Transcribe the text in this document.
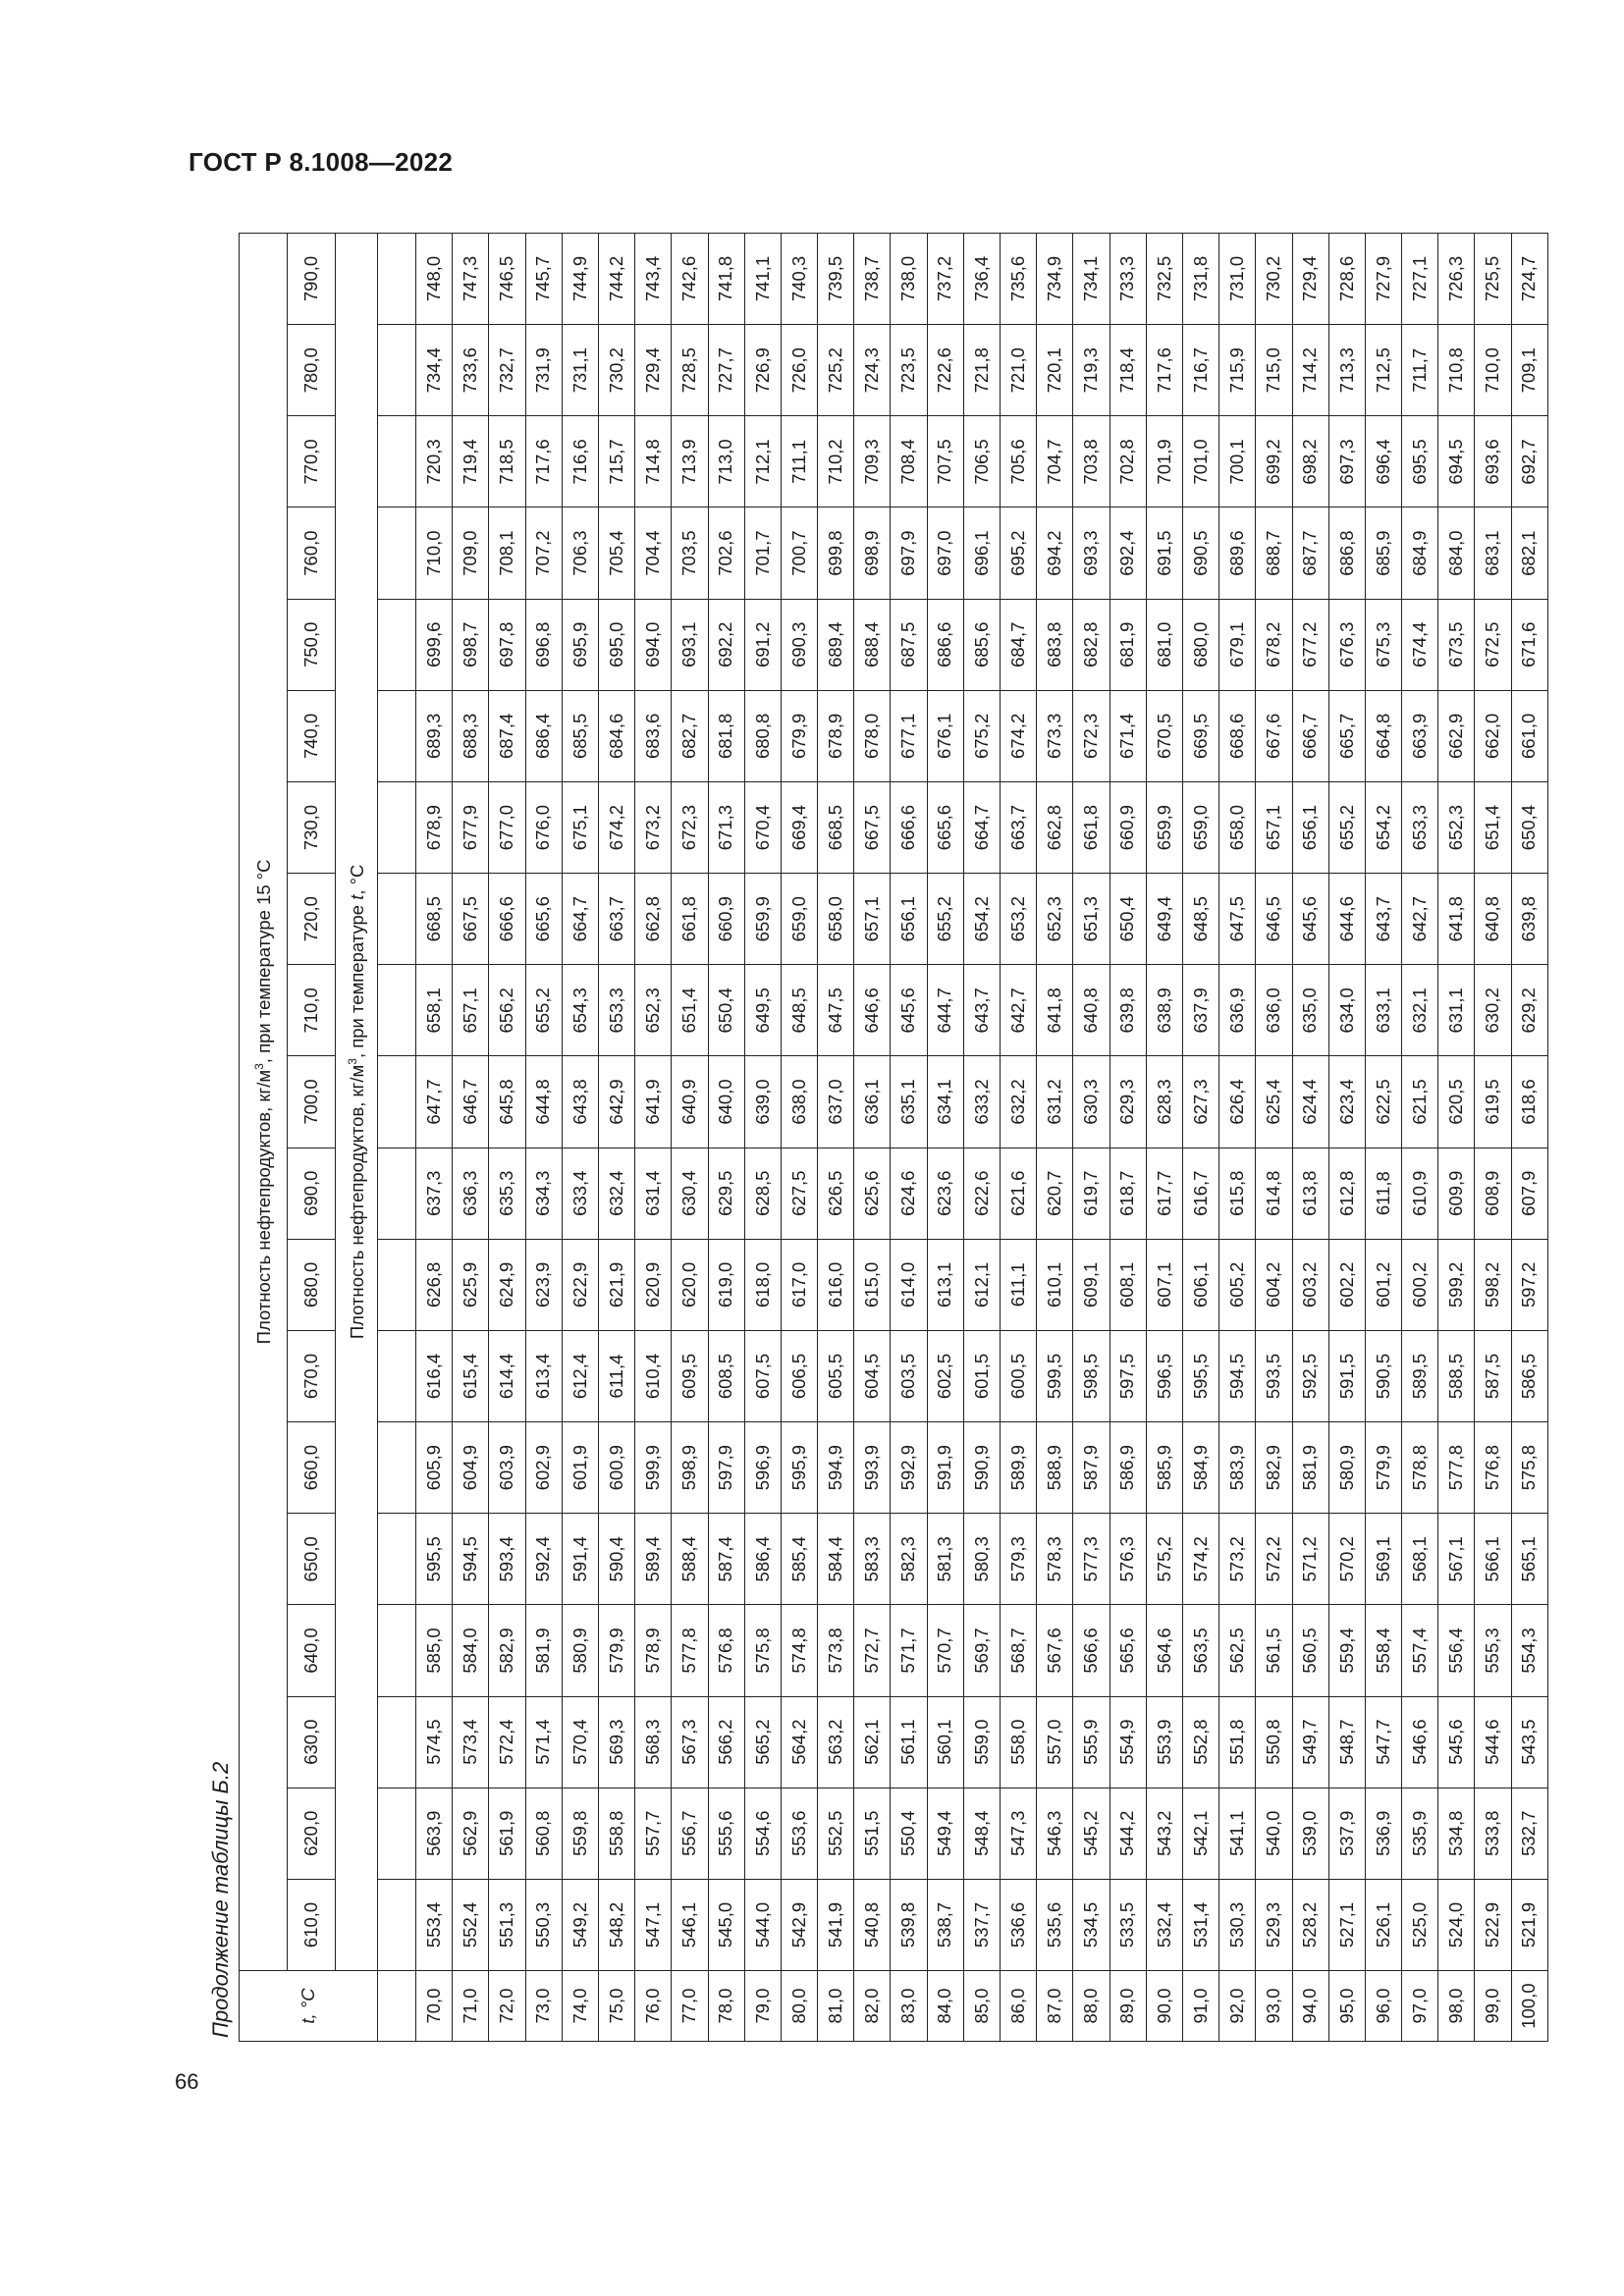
ГОСТ Р 8.1008—2022
Продолжение таблицы Б.2
66
t, °C	Плотность нефтепродуктов, $кг/м^3$, при температуре 15 °С																		
	610,0	620,0	630,0	640,0	650,0	660,0	670,0	680,0	690,0	700,0	710,0	720,0	730,0	740,0	750,0	760,0	770,0	780,0	790,0
	Плотность нефтепродуктов, $кг/м^3$, при температуре t, °С																		

70,0	553,4	563,9	574,5	585,0	595,5	605,9	616,4	626,8	637,3	647,7	658,1	668,5	678,9	689,3	699,6	710,0	720,3	734,4	748,0
71,0	552,4	562,9	573,4	584,0	594,5	604,9	615,4	625,9	636,3	646,7	657,1	667,5	677,9	688,3	698,7	709,0	719,4	733,6	747,3
72,0	551,3	561,9	572,4	582,9	593,4	603,9	614,4	624,9	635,3	645,8	656,2	666,6	677,0	687,4	697,8	708,1	718,5	732,7	746,5
73,0	550,3	560,8	571,4	581,9	592,4	602,9	613,4	623,9	634,3	644,8	655,2	665,6	676,0	686,4	696,8	707,2	717,6	731,9	745,7
74,0	549,2	559,8	570,4	580,9	591,4	601,9	612,4	622,9	633,4	643,8	654,3	664,7	675,1	685,5	695,9	706,3	716,6	731,1	744,9
75,0	548,2	558,8	569,3	579,9	590,4	600,9	611,4	621,9	632,4	642,9	653,3	663,7	674,2	684,6	695,0	705,4	715,7	730,2	744,2
76,0	547,1	557,7	568,3	578,9	589,4	599,9	610,4	620,9	631,4	641,9	652,3	662,8	673,2	683,6	694,0	704,4	714,8	729,4	743,4
77,0	546,1	556,7	567,3	577,8	588,4	598,9	609,5	620,0	630,4	640,9	651,4	661,8	672,3	682,7	693,1	703,5	713,9	728,5	742,6
78,0	545,0	555,6	566,2	576,8	587,4	597,9	608,5	619,0	629,5	640,0	650,4	660,9	671,3	681,8	692,2	702,6	713,0	727,7	741,8
79,0	544,0	554,6	565,2	575,8	586,4	596,9	607,5	618,0	628,5	639,0	649,5	659,9	670,4	680,8	691,2	701,7	712,1	726,9	741,1
80,0	542,9	553,6	564,2	574,8	585,4	595,9	606,5	617,0	627,5	638,0	648,5	659,0	669,4	679,9	690,3	700,7	711,1	726,0	740,3
81,0	541,9	552,5	563,2	573,8	584,4	594,9	605,5	616,0	626,5	637,0	647,5	658,0	668,5	678,9	689,4	699,8	710,2	725,2	739,5
82,0	540,8	551,5	562,1	572,7	583,3	593,9	604,5	615,0	625,6	636,1	646,6	657,1	667,5	678,0	688,4	698,9	709,3	724,3	738,7
83,0	539,8	550,4	561,1	571,7	582,3	592,9	603,5	614,0	624,6	635,1	645,6	656,1	666,6	677,1	687,5	697,9	708,4	723,5	738,0
84,0	538,7	549,4	560,1	570,7	581,3	591,9	602,5	613,1	623,6	634,1	644,7	655,2	665,6	676,1	686,6	697,0	707,5	722,6	737,2
85,0	537,7	548,4	559,0	569,7	580,3	590,9	601,5	612,1	622,6	633,2	643,7	654,2	664,7	675,2	685,6	696,1	706,5	721,8	736,4
86,0	536,6	547,3	558,0	568,7	579,3	589,9	600,5	611,1	621,6	632,2	642,7	653,2	663,7	674,2	684,7	695,2	705,6	721,0	735,6
87,0	535,6	546,3	557,0	567,6	578,3	588,9	599,5	610,1	620,7	631,2	641,8	652,3	662,8	673,3	683,8	694,2	704,7	720,1	734,9
88,0	534,5	545,2	555,9	566,6	577,3	587,9	598,5	609,1	619,7	630,3	640,8	651,3	661,8	672,3	682,8	693,3	703,8	719,3	734,1
89,0	533,5	544,2	554,9	565,6	576,3	586,9	597,5	608,1	618,7	629,3	639,8	650,4	660,9	671,4	681,9	692,4	702,8	718,4	733,3
90,0	532,4	543,2	553,9	564,6	575,2	585,9	596,5	607,1	617,7	628,3	638,9	649,4	659,9	670,5	681,0	691,5	701,9	717,6	732,5
91,0	531,4	542,1	552,8	563,5	574,2	584,9	595,5	606,1	616,7	627,3	637,9	648,5	659,0	669,5	680,0	690,5	701,0	716,7	731,8
92,0	530,3	541,1	551,8	562,5	573,2	583,9	594,5	605,2	615,8	626,4	636,9	647,5	658,0	668,6	679,1	689,6	700,1	715,9	731,0
93,0	529,3	540,0	550,8	561,5	572,2	582,9	593,5	604,2	614,8	625,4	636,0	646,5	657,1	667,6	678,2	688,7	699,2	715,0	730,2
94,0	528,2	539,0	549,7	560,5	571,2	581,9	592,5	603,2	613,8	624,4	635,0	645,6	656,1	666,7	677,2	687,7	698,2	714,2	729,4
95,0	527,1	537,9	548,7	559,4	570,2	580,9	591,5	602,2	612,8	623,4	634,0	644,6	655,2	665,7	676,3	686,8	697,3	713,3	728,6
96,0	526,1	536,9	547,7	558,4	569,1	579,9	590,5	601,2	611,8	622,5	633,1	643,7	654,2	664,8	675,3	685,9	696,4	712,5	727,9
97,0	525,0	535,9	546,6	557,4	568,1	578,8	589,5	600,2	610,9	621,5	632,1	642,7	653,3	663,9	674,4	684,9	695,5	711,7	727,1
98,0	524,0	534,8	545,6	556,4	567,1	577,8	588,5	599,2	609,9	620,5	631,1	641,8	652,3	662,9	673,5	684,0	694,5	710,8	726,3
99,0	522,9	533,8	544,6	555,3	566,1	576,8	587,5	598,2	608,9	619,5	630,2	640,8	651,4	662,0	672,5	683,1	693,6	710,0	725,5
100,0	521,9	532,7	543,5	554,3	565,1	575,8	586,5	597,2	607,9	618,6	629,2	639,8	650,4	661,0	671,6	682,1	692,7	709,1	724,7
